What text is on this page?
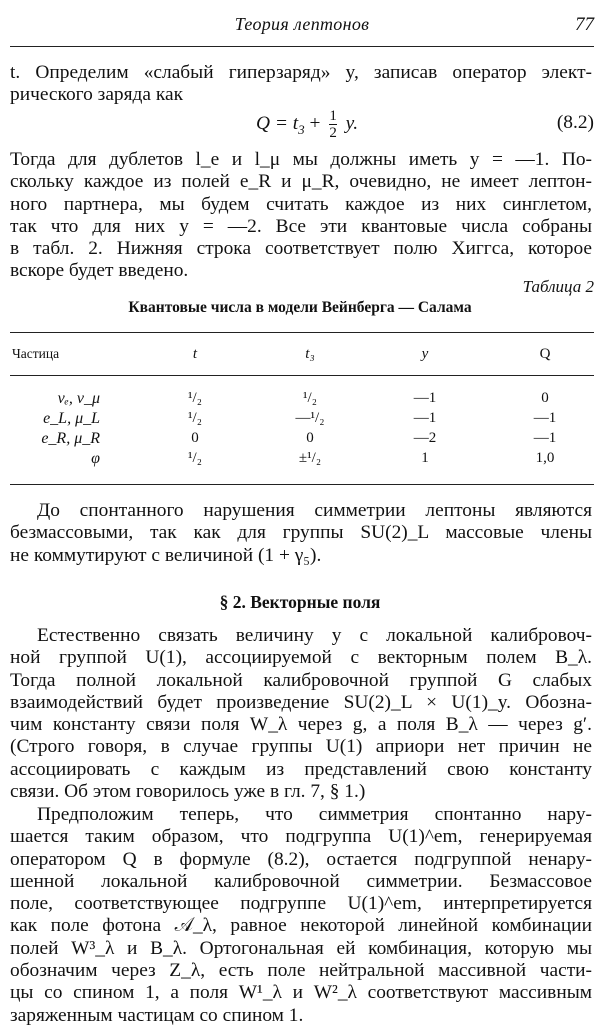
Теория лептонов	77
t. Определим «слабый гиперзаряд» y, записав оператор элект-
рического заряда как
$Q = t_3 + \frac{1}{2} y$.	(8.2)
Тогда для дублетов l_e и l_μ мы должны иметь y = —1. По-
скольку каждое из полей e_R и μ_R, очевидно, не имеет лептон-
ного партнера, мы будем считать каждое из них синглетом,
так что для них y = —2. Все эти квантовые числа собраны
в табл. 2. Нижняя строка соответствует полю Хиггса, которое
вскоре будет введено.
Таблица 2
Квантовые числа в модели Вейнберга — Салама
Частица	t	t₃	y	Q
νₑ, ν_μ	¹/₂	¹/₂	—1	0
e_L, μ_L	¹/₂	—¹/₂	—1	—1
e_R, μ_R	0	0	—2	—1
φ	¹/₂	±¹/₂	1	1,0
До спонтанного нарушения симметрии лептоны являются
безмассовыми, так как для группы SU(2)_L массовые члены
не коммутируют с величиной (1 + γ₅).
§ 2. Векторные поля
Естественно связать величину y с локальной калибровоч-
ной группой U(1), ассоциируемой с векторным полем B_λ.
Тогда полной локальной калибровочной группой G слабых
взаимодействий будет произведение SU(2)_L × U(1)_y. Обозна-
чим константу связи поля W_λ через g, а поля B_λ — через g′.
(Строго говоря, в случае группы U(1) априори нет причин не
ассоциировать с каждым из представлений свою константу
связи. Об этом говорилось уже в гл. 7, § 1.)
Предположим теперь, что симметрия спонтанно нару-
шается таким образом, что подгруппа U(1)^em, генерируемая
оператором Q в формуле (8.2), остается подгруппой ненару-
шенной локальной калибровочной симметрии. Безмассовое
поле, соответствующее подгруппе U(1)^em, интерпретируется
как поле фотона 𝒜_λ, равное некоторой линейной комбинации
полей W³_λ и B_λ. Ортогональная ей комбинация, которую мы
обозначим через Z_λ, есть поле нейтральной массивной части-
цы со спином 1, а поля W¹_λ и W²_λ соответствуют массивным
заряженным частицам со спином 1.
